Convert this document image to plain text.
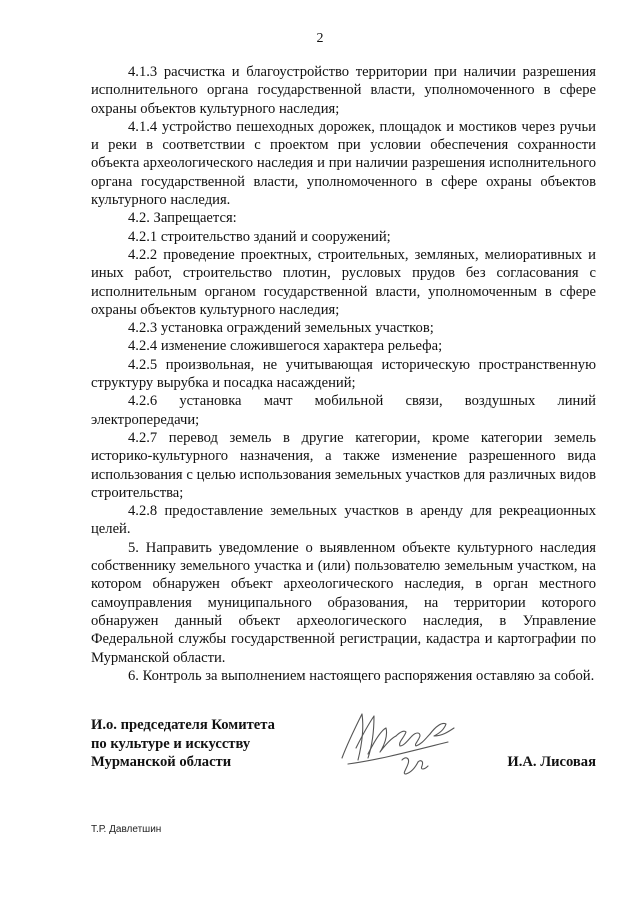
2

4.1.3 расчистка и благоустройство территории при наличии разрешения исполнительного органа государственной власти, уполномоченного в сфере охраны объектов культурного наследия;

4.1.4 устройство пешеходных дорожек, площадок и мостиков через ручьи и реки в соответствии с проектом при условии обеспечения сохранности объекта археологического наследия и при наличии разрешения исполнительного органа государственной власти, уполномоченного в сфере охраны объектов культурного наследия.

4.2. Запрещается:

4.2.1 строительство зданий и сооружений;

4.2.2 проведение проектных, строительных, земляных, мелиоративных и иных работ, строительство плотин, русловых прудов без согласования с исполнительным органом государственной власти, уполномоченным в сфере охраны объектов культурного наследия;

4.2.3 установка ограждений земельных участков;

4.2.4 изменение сложившегося характера рельефа;

4.2.5 произвольная, не учитывающая историческую пространственную структуру вырубка и посадка насаждений;

4.2.6 установка мачт мобильной связи, воздушных линий электропередачи;

4.2.7 перевод земель в другие категории, кроме категории земель историко-культурного назначения, а также изменение разрешенного вида использования с целью использования земельных участков для различных видов строительства;

4.2.8 предоставление земельных участков в аренду для рекреационных целей.

5. Направить уведомление о выявленном объекте культурного наследия собственнику земельного участка и (или) пользователю земельным участком, на котором обнаружен объект археологического наследия, в орган местного самоуправления муниципального образования, на территории которого обнаружен данный объект археологического наследия, в Управление Федеральной службы государственной регистрации, кадастра и картографии по Мурманской области.

6. Контроль за выполнением настоящего распоряжения оставляю за собой.

И.о. председателя Комитета
по культуре и искусству
Мурманской области	И.А. Лисовая
Т.Р. Давлетшин
